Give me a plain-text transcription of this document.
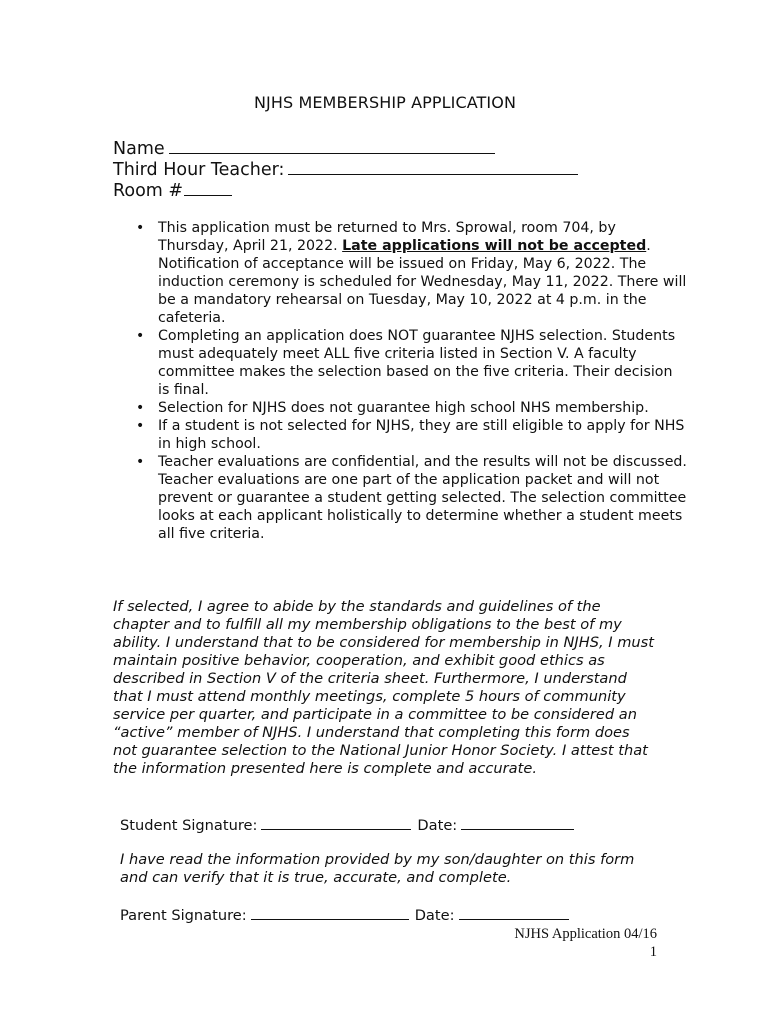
NJHS MEMBERSHIP APPLICATION
Name
Third Hour Teacher:
Room #
• This application must be returned to Mrs. Sprowal, room 704, by Thursday, April 21, 2022. Late applications will not be accepted. Notification of acceptance will be issued on Friday, May 6, 2022. The induction ceremony is scheduled for Wednesday, May 11, 2022. There will be a mandatory rehearsal on Tuesday, May 10, 2022 at 4 p.m. in the cafeteria.
• Completing an application does NOT guarantee NJHS selection. Students must adequately meet ALL five criteria listed in Section V. A faculty committee makes the selection based on the five criteria. Their decision is final.
• Selection for NJHS does not guarantee high school NHS membership.
• If a student is not selected for NJHS, they are still eligible to apply for NHS in high school.
• Teacher evaluations are confidential, and the results will not be discussed. Teacher evaluations are one part of the application packet and will not prevent or guarantee a student getting selected. The selection committee looks at each applicant holistically to determine whether a student meets all five criteria.
If selected, I agree to abide by the standards and guidelines of the chapter and to fulfill all my membership obligations to the best of my ability. I understand that to be considered for membership in NJHS, I must maintain positive behavior, cooperation, and exhibit good ethics as described in Section V of the criteria sheet. Furthermore, I understand that I must attend monthly meetings, complete 5 hours of community service per quarter, and participate in a committee to be considered an “active” member of NJHS. I understand that completing this form does not guarantee selection to the National Junior Honor Society. I attest that the information presented here is complete and accurate.
Student Signature:	Date:
I have read the information provided by my son/daughter on this form and can verify that it is true, accurate, and complete.
Parent Signature:	Date:
NJHS Application 04/16
1
